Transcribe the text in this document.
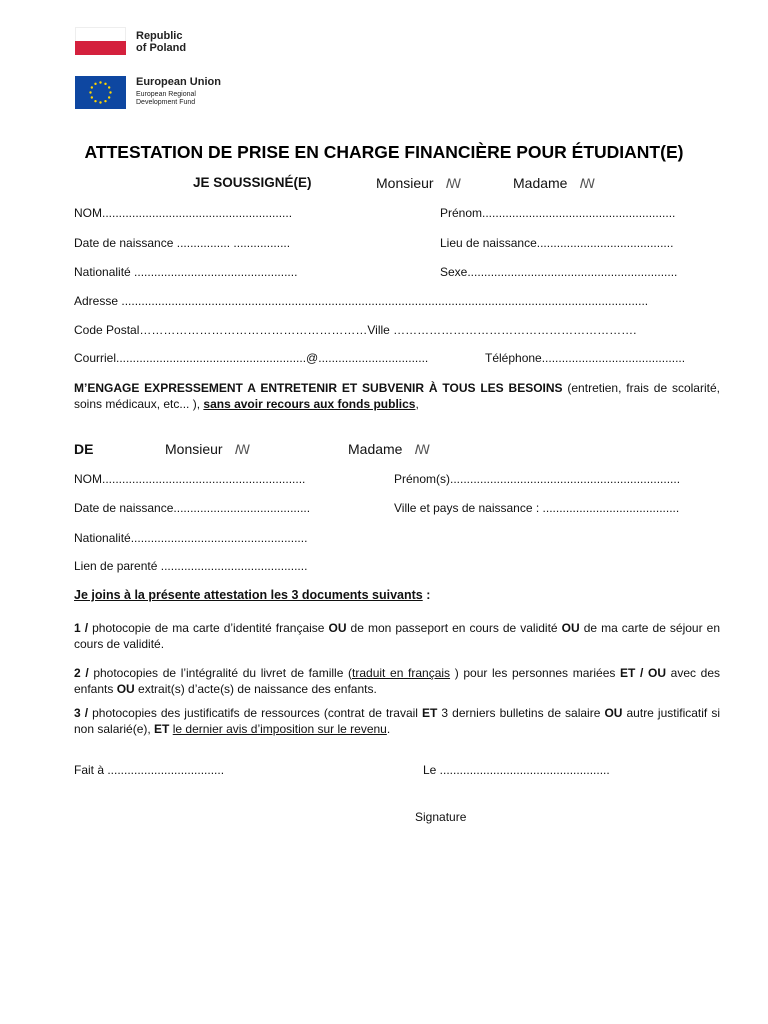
Republic
of Poland
European Union
European Regional
Development Fund
ATTESTATION DE PRISE EN CHARGE FINANCIÈRE POUR ÉTUDIANT(E)
JE SOUSSIGNÉ(E)	Monsieur ꟿ	Madame ꟿ
NOM.........................................................	Prénom..........................................................
Date de naissance ................ .................	Lieu de naissance.........................................
Nationalité .................................................	Sexe...............................................................
Adresse ..............................................................................................................................................................
Code Postal…………………………………………………Ville …………………………………………………….
Courriel.........................................................@.................................	Téléphone...........................................
M’ENGAGE EXPRESSEMENT A ENTRETENIR ET SUBVENIR À TOUS LES BESOINS (entretien, frais de scolarité, soins médicaux, etc... ), sans avoir recours aux fonds publics,
DE	Monsieur ꟿ	Madame ꟿ
NOM.............................................................	Prénom(s).....................................................................
Date de naissance.........................................	Ville et pays de naissance : .........................................
Nationalité.....................................................
Lien de parenté ............................................
Je joins à la présente attestation les 3 documents suivants :
1 / photocopie de ma carte d’identité française OU de mon passeport en cours de validité OU de ma carte de séjour en cours de validité.
2 / photocopies de l’intégralité du livret de famille (traduit en français ) pour les personnes mariées ET / OU avec des enfants OU extrait(s) d’acte(s) de naissance des enfants.
3 / photocopies des justificatifs de ressources (contrat de travail ET 3 derniers bulletins de salaire OU autre justificatif si non salarié(e), ET le dernier avis d’imposition sur le revenu.
Fait à ...................................	Le ...................................................
Signature
